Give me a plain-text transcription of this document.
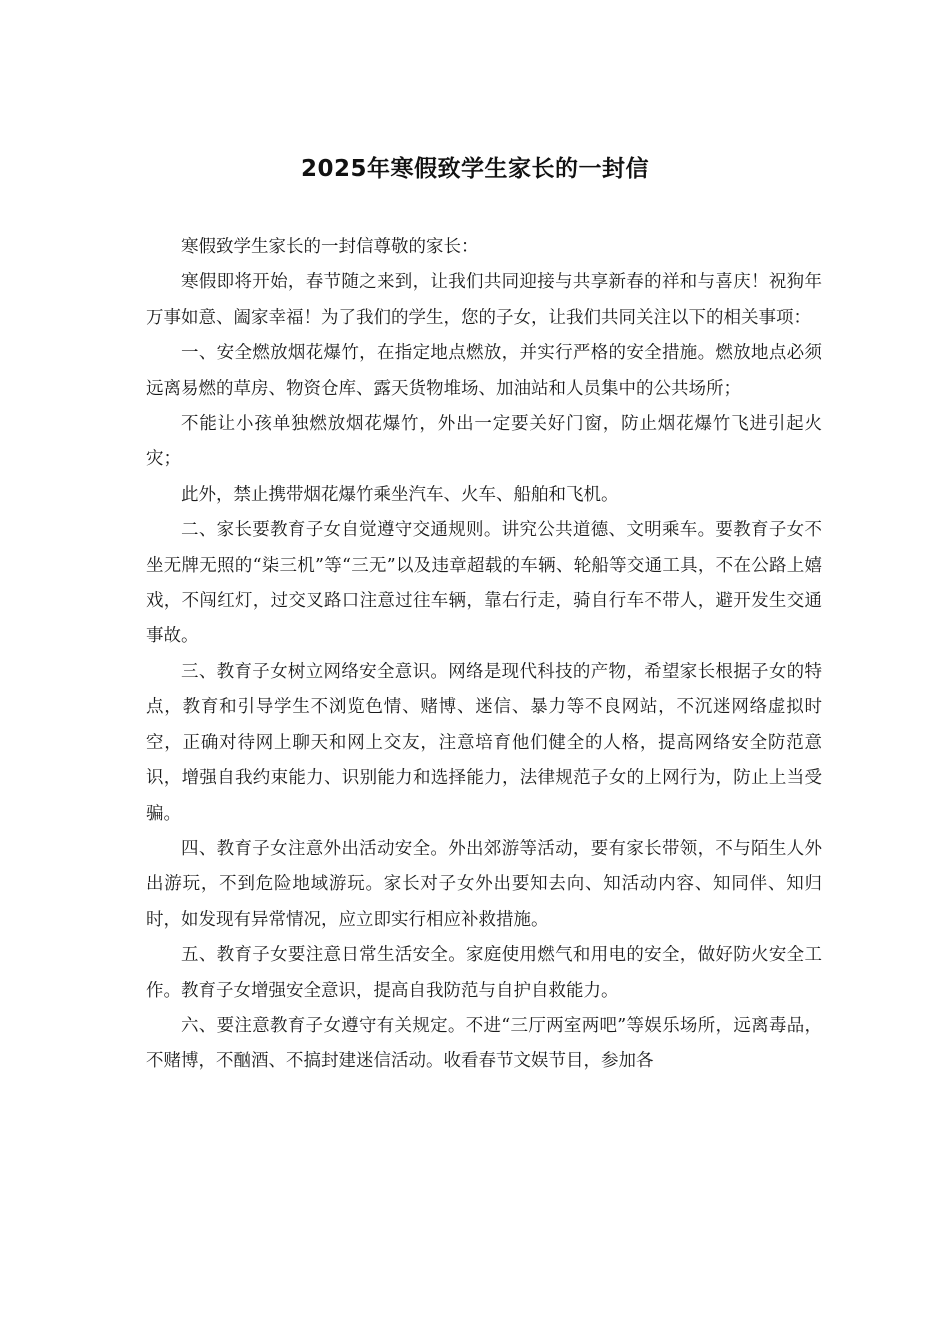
2025年寒假致学生家长的一封信

寒假致学生家长的一封信尊敬的家长：

寒假即将开始，春节随之来到，让我们共同迎接与共享新春的祥和与喜庆！祝狗年万事如意、阖家幸福！为了我们的学生，您的子女，让我们共同关注以下的相关事项：

一、安全燃放烟花爆竹，在指定地点燃放，并实行严格的安全措施。燃放地点必须远离易燃的草房、物资仓库、露天货物堆场、加油站和人员集中的公共场所；

不能让小孩单独燃放烟花爆竹，外出一定要关好门窗，防止烟花爆竹飞进引起火灾；

此外，禁止携带烟花爆竹乘坐汽车、火车、船舶和飞机。

二、家长要教育子女自觉遵守交通规则。讲究公共道德、文明乘车。要教育子女不坐无牌无照的“柒三机”等“三无”以及违章超载的车辆、轮船等交通工具，不在公路上嬉戏，不闯红灯，过交叉路口注意过往车辆，靠右行走，骑自行车不带人，避开发生交通事故。

三、教育子女树立网络安全意识。网络是现代科技的产物，希望家长根据子女的特点，教育和引导学生不浏览色情、赌博、迷信、暴力等不良网站，不沉迷网络虚拟时空，正确对待网上聊天和网上交友，注意培育他们健全的人格，提高网络安全防范意识，增强自我约束能力、识别能力和选择能力，法律规范子女的上网行为，防止上当受骗。

四、教育子女注意外出活动安全。外出郊游等活动，要有家长带领，不与陌生人外出游玩，不到危险地域游玩。家长对子女外出要知去向、知活动内容、知同伴、知归时，如发现有异常情况，应立即实行相应补救措施。

五、教育子女要注意日常生活安全。家庭使用燃气和用电的安全，做好防火安全工作。教育子女增强安全意识，提高自我防范与自护自救能力。

六、要注意教育子女遵守有关规定。不进“三厅两室两吧”等娱乐场所，远离毒品，不赌博，不酗酒、不搞封建迷信活动。收看春节文娱节目，参加各
